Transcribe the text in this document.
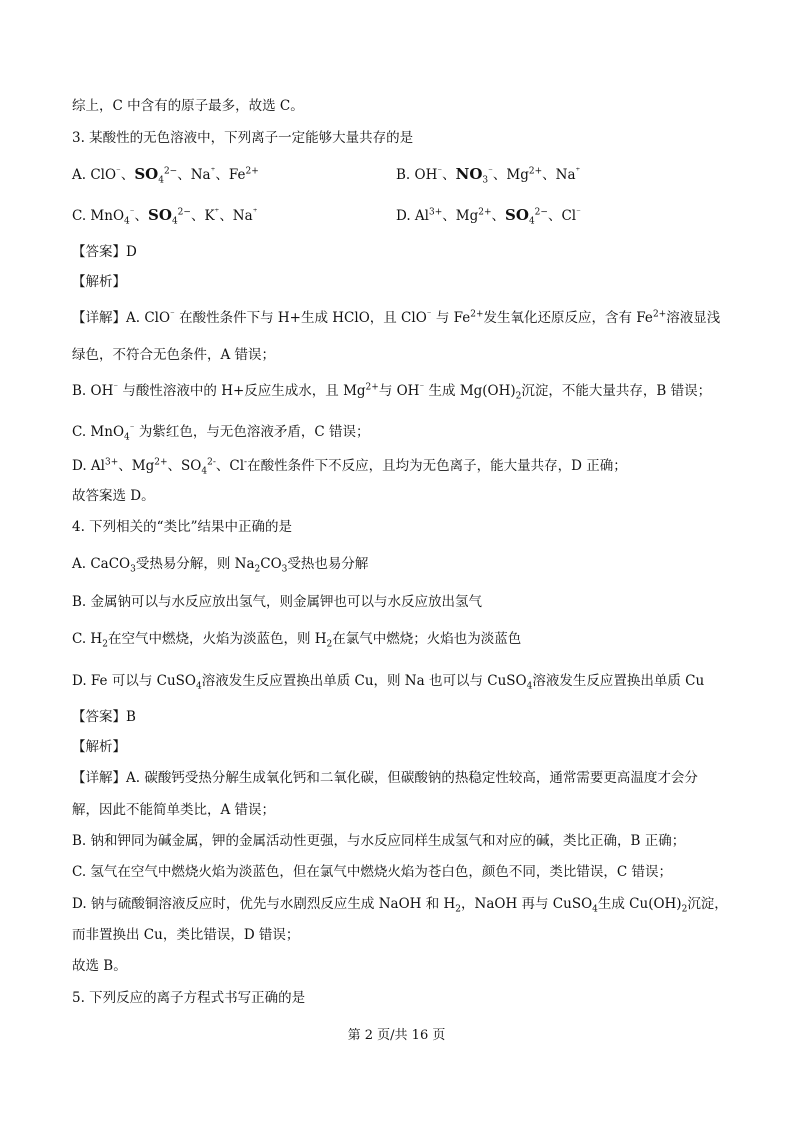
综上，C 中含有的原子最多，故选 C。
3. 某酸性的无色溶液中，下列离子一定能够大量共存的是
A. ClO⁻、$SO_4^{2-}$、Na⁺、$Fe^{2+}$	B. OH⁻、$NO_3^{^-}$、$Mg^{2+}$、Na⁺
C. MnO$_4$⁻、$SO_4^{2-}$、K⁺、Na⁺	D. $Al^{3+}$、$Mg^{2+}$、$SO_4^{2-}$、Cl⁻
【答案】D
【解析】
【详解】A. ClO⁻ 在酸性条件下与 H+生成 HClO，且 ClO⁻ 与 $Fe^{2+}$发生氧化还原反应，含有 $Fe^{2+}$溶液显浅
绿色，不符合无色条件，A 错误；
B. OH⁻ 与酸性溶液中的 H+反应生成水，且 $Mg^{2+}$与 OH⁻ 生成 $Mg(OH)_2$沉淀，不能大量共存，B 错误；
C. MnO$_4$⁻ 为紫红色，与无色溶液矛盾，C 错误；
D. $Al^{3+}$、$Mg^{2+}$、$SO_4^{2-}$、Cl-在酸性条件下不反应，且均为无色离子，能大量共存，D 正确；
故答案选 D。
4. 下列相关的“类比”结果中正确的是
A. CaCO$_3$受热易分解，则 $Na_2CO_3$受热也易分解
B. 金属钠可以与水反应放出氢气，则金属钾也可以与水反应放出氢气
C. $H_2$在空气中燃烧，火焰为淡蓝色，则 $H_2$在氯气中燃烧；火焰也为淡蓝色
D. Fe 可以与 CuSO$_4$溶液发生反应置换出单质 Cu，则 Na 也可以与 CuSO$_4$溶液发生反应置换出单质 Cu
【答案】B
【解析】
【详解】A. 碳酸钙受热分解生成氧化钙和二氧化碳，但碳酸钠的热稳定性较高，通常需要更高温度才会分
解，因此不能简单类比，A 错误；
B. 钠和钾同为碱金属，钾的金属活动性更强，与水反应同样生成氢气和对应的碱，类比正确，B 正确；
C. 氢气在空气中燃烧火焰为淡蓝色，但在氯气中燃烧火焰为苍白色，颜色不同，类比错误，C 错误；
D. 钠与硫酸铜溶液反应时，优先与水剧烈反应生成 NaOH 和 $H_2$，NaOH 再与 CuSO$_4$生成 $Cu(OH)_2$沉淀，
而非置换出 Cu，类比错误，D 错误；
故选 B。
5. 下列反应的离子方程式书写正确的是
第 2 页/共 16 页
